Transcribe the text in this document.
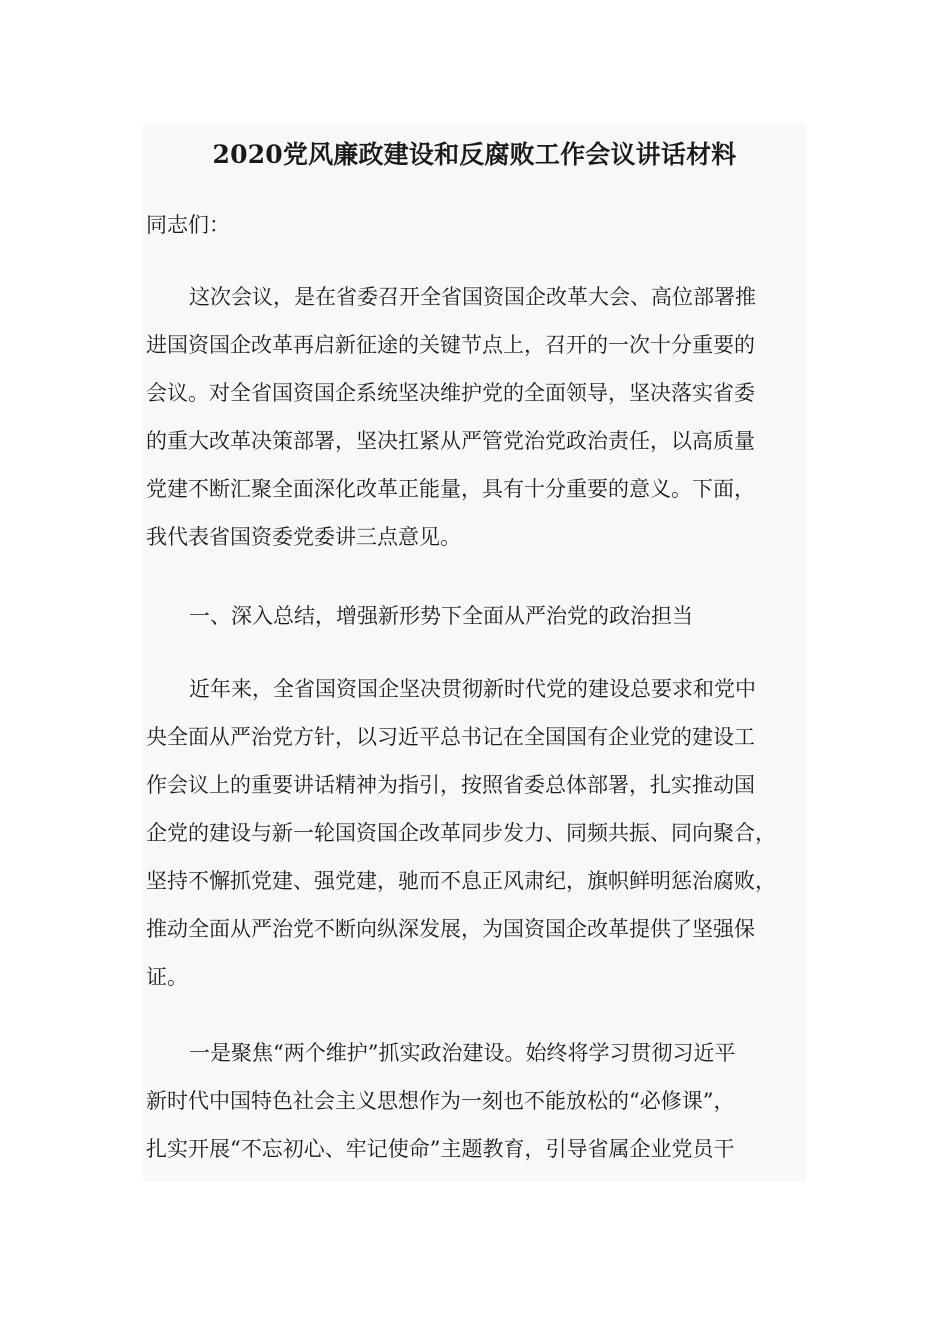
2020党风廉政建设和反腐败工作会议讲话材料
同志们：
这次会议，是在省委召开全省国资国企改革大会、高位部署推
进国资国企改革再启新征途的关键节点上，召开的一次十分重要的
会议。对全省国资国企系统坚决维护党的全面领导，坚决落实省委
的重大改革决策部署，坚决扛紧从严管党治党政治责任，以高质量
党建不断汇聚全面深化改革正能量，具有十分重要的意义。下面，
我代表省国资委党委讲三点意见。
一、深入总结，增强新形势下全面从严治党的政治担当
近年来，全省国资国企坚决贯彻新时代党的建设总要求和党中
央全面从严治党方针，以习近平总书记在全国国有企业党的建设工
作会议上的重要讲话精神为指引，按照省委总体部署，扎实推动国
企党的建设与新一轮国资国企改革同步发力、同频共振、同向聚合，
坚持不懈抓党建、强党建，驰而不息正风肃纪，旗帜鲜明惩治腐败，
推动全面从严治党不断向纵深发展，为国资国企改革提供了坚强保
证。
一是聚焦“两个维护”抓实政治建设。始终将学习贯彻习近平
新时代中国特色社会主义思想作为一刻也不能放松的“必修课”，
扎实开展“不忘初心、牢记使命”主题教育，引导省属企业党员干
